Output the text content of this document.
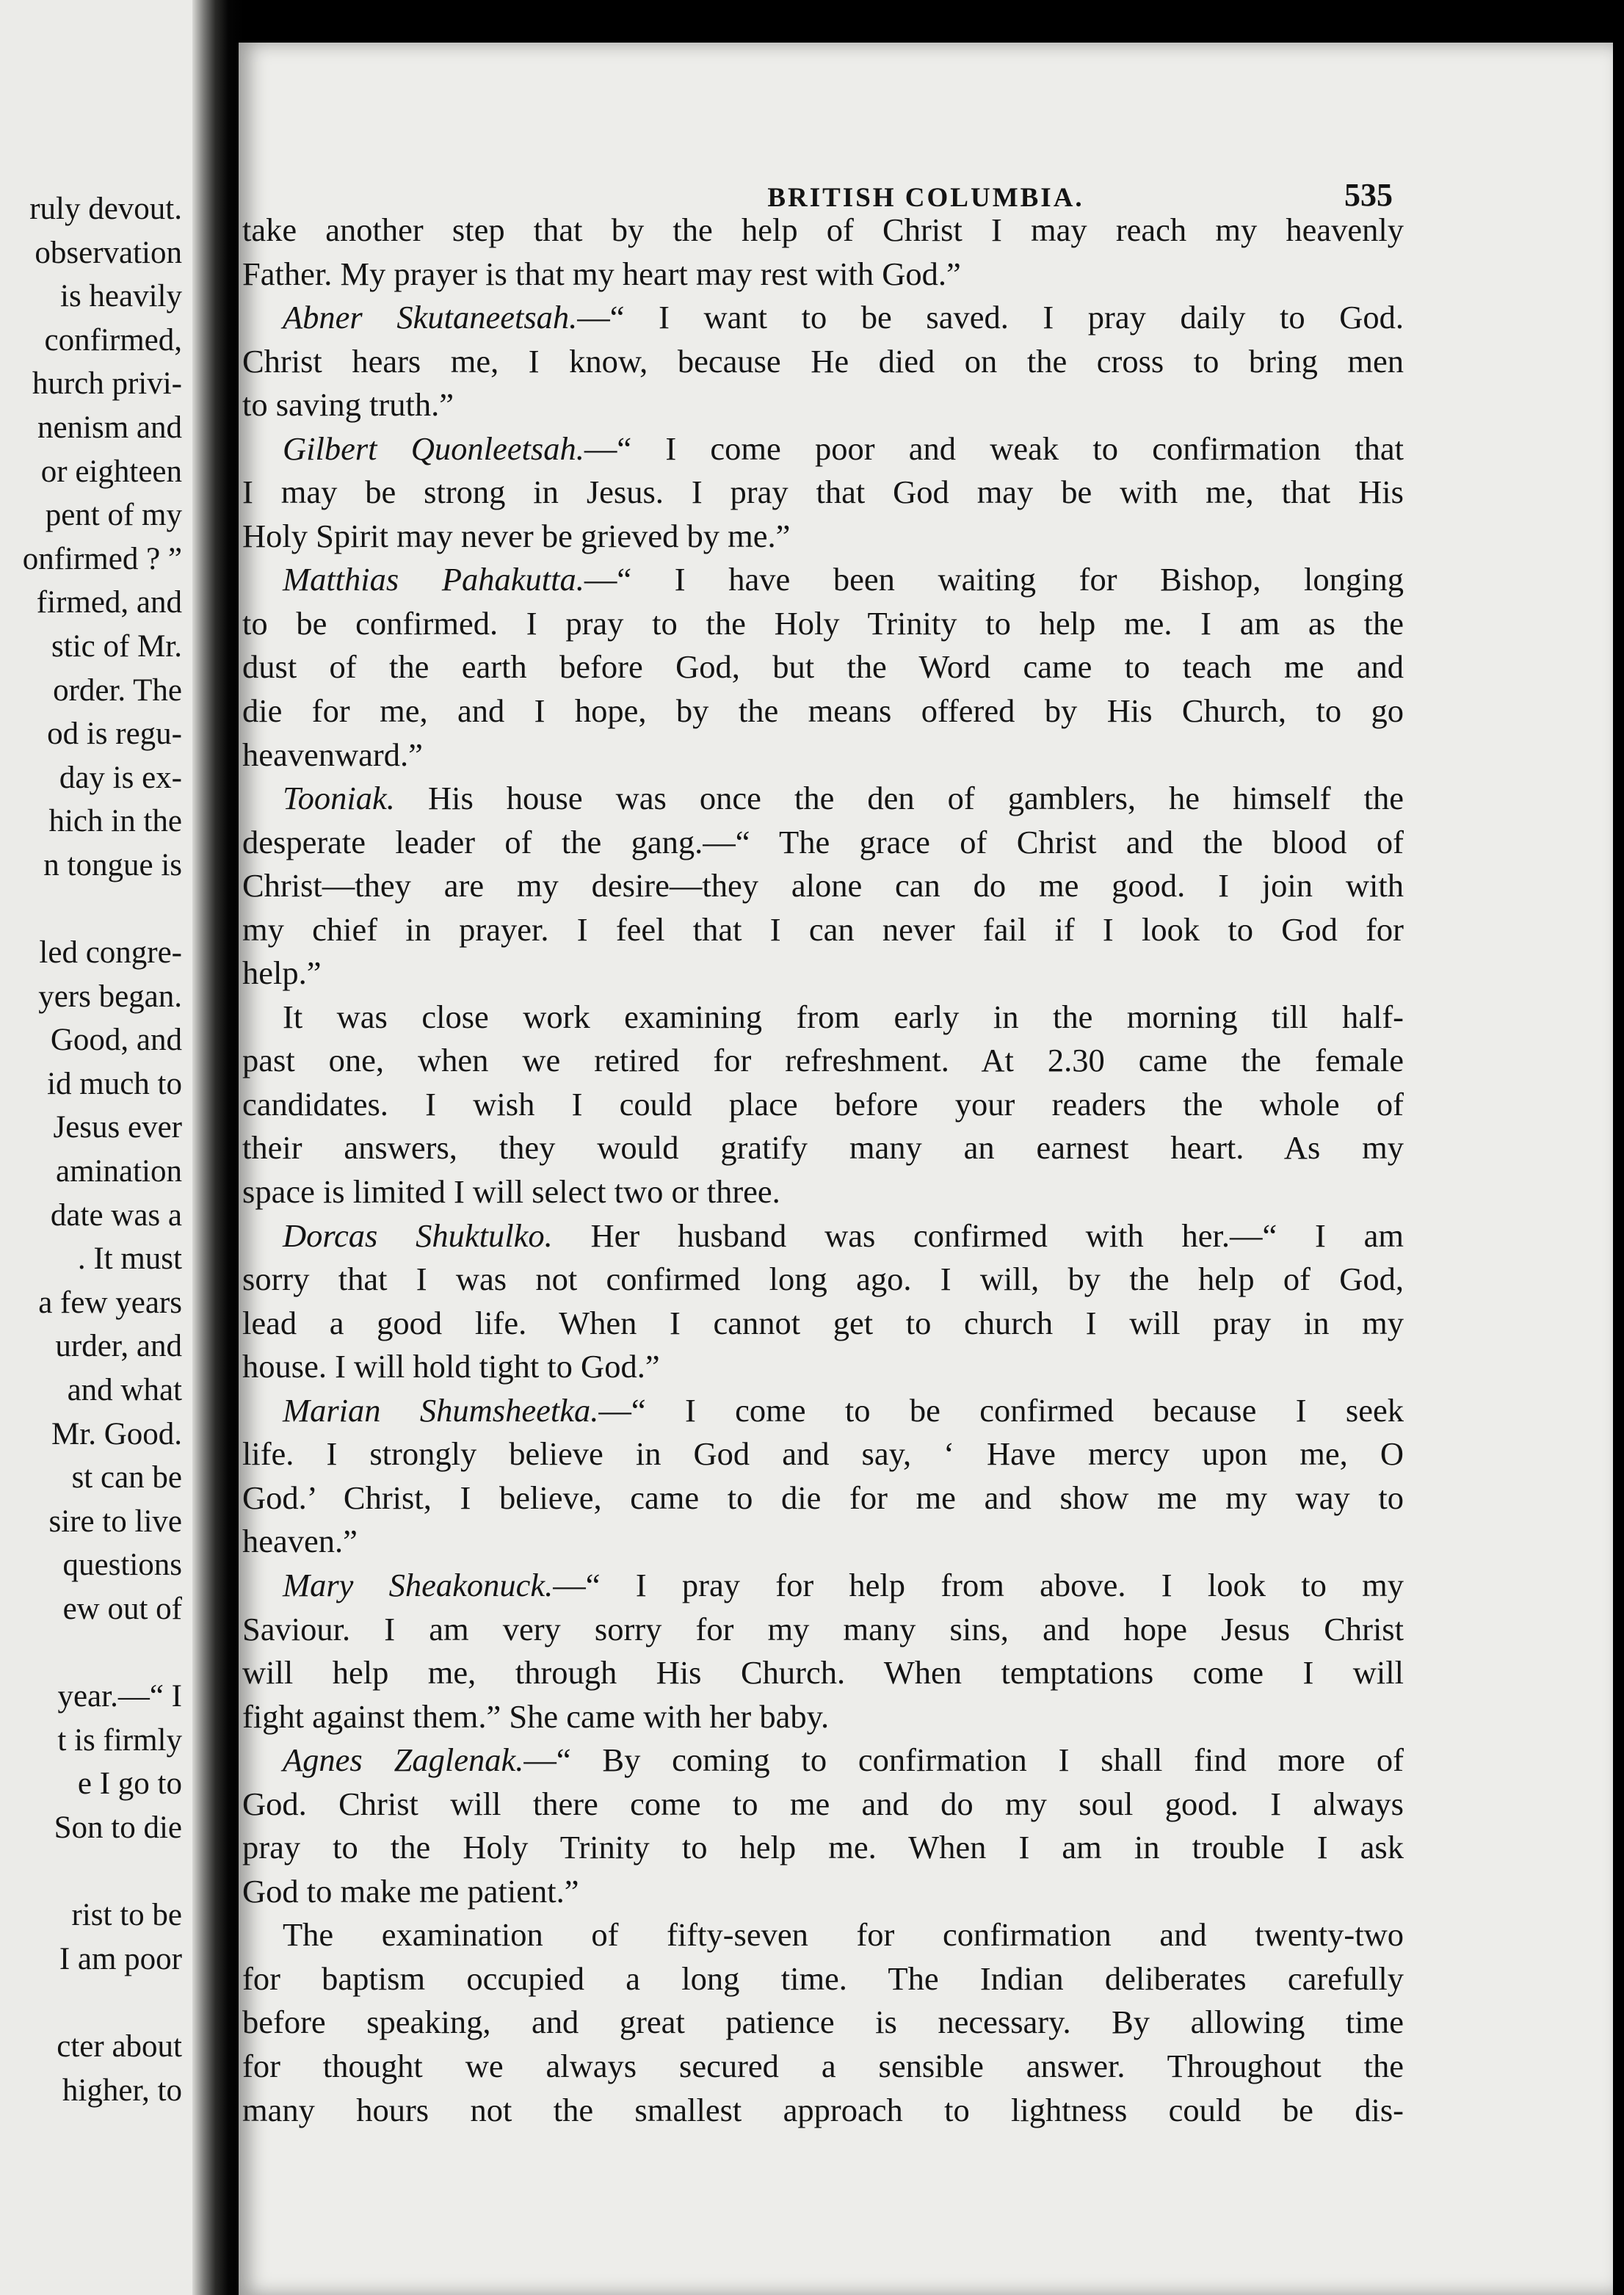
ruly devout.
observation
is heavily
confirmed,
hurch privi-
nenism and
or eighteen
pent of my
onfirmed ? ”
firmed, and
stic of Mr.
order. The
od is regu-
day is ex-
hich in the
n tongue is
led congre-
yers began.
Good, and
id much to
Jesus ever
amination
date was a
. It must
a few years
urder, and
and what
Mr. Good.
st can be
sire to live
questions
ew out of
year.—“ I
t is firmly
e I go to
Son to die
rist to be
I am poor
cter about
higher, to
BRITISH COLUMBIA.	535
take another step that by the help of Christ I may reach my heavenly
Father. My prayer is that my heart may rest with God.”
Abner Skutaneetsah.—“ I want to be saved. I pray daily to God.
Christ hears me, I know, because He died on the cross to bring men
to saving truth.”
Gilbert Quonleetsah.—“ I come poor and weak to confirmation that
I may be strong in Jesus. I pray that God may be with me, that His
Holy Spirit may never be grieved by me.”
Matthias Pahakutta.—“ I have been waiting for Bishop, longing
to be confirmed. I pray to the Holy Trinity to help me. I am as the
dust of the earth before God, but the Word came to teach me and
die for me, and I hope, by the means offered by His Church, to go
heavenward.”
Tooniak. His house was once the den of gamblers, he himself the
desperate leader of the gang.—“ The grace of Christ and the blood of
Christ—they are my desire—they alone can do me good. I join with
my chief in prayer. I feel that I can never fail if I look to God for
help.”
It was close work examining from early in the morning till half-
past one, when we retired for refreshment. At 2.30 came the female
candidates. I wish I could place before your readers the whole of
their answers, they would gratify many an earnest heart. As my
space is limited I will select two or three.
Dorcas Shuktulko. Her husband was confirmed with her.—“ I am
sorry that I was not confirmed long ago. I will, by the help of God,
lead a good life. When I cannot get to church I will pray in my
house. I will hold tight to God.”
Marian Shumsheetka.—“ I come to be confirmed because I seek
life. I strongly believe in God and say, ‘ Have mercy upon me, O
God.’ Christ, I believe, came to die for me and show me my way to
heaven.”
Mary Sheakonuck.—“ I pray for help from above. I look to my
Saviour. I am very sorry for my many sins, and hope Jesus Christ
will help me, through His Church. When temptations come I will
fight against them.” She came with her baby.
Agnes Zaglenak.—“ By coming to confirmation I shall find more of
God. Christ will there come to me and do my soul good. I always
pray to the Holy Trinity to help me. When I am in trouble I ask
God to make me patient.”
The examination of fifty-seven for confirmation and twenty-two
for baptism occupied a long time. The Indian deliberates carefully
before speaking, and great patience is necessary. By allowing time
for thought we always secured a sensible answer. Throughout the
many hours not the smallest approach to lightness could be dis-
